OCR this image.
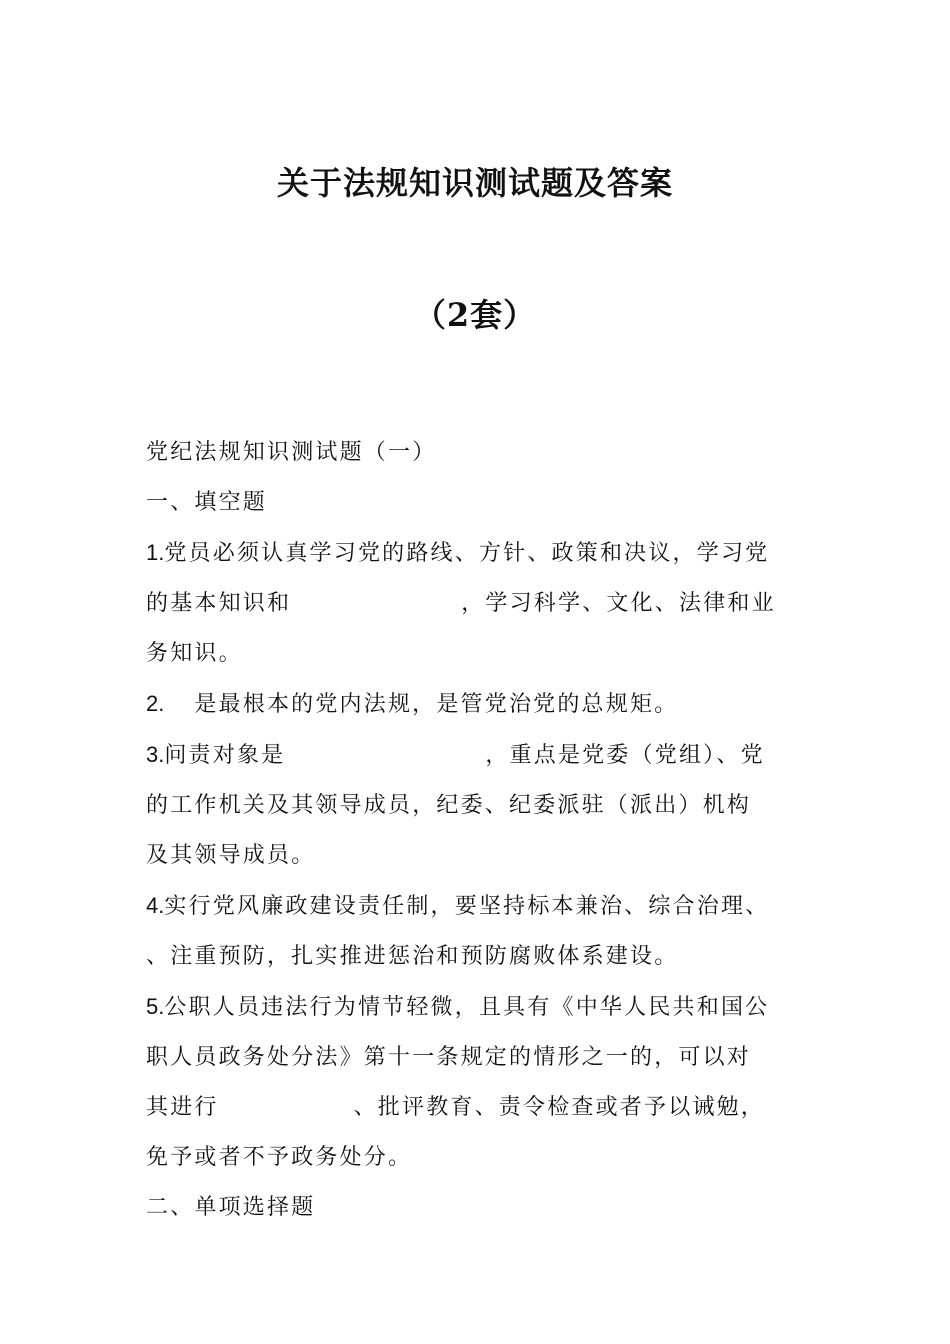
关于法规知识测试题及答案
（2套）

党纪法规知识测试题（一）

一、填空题

1.党员必须认真学习党的路线、方针、政策和决议，学习党

的基本知识和	，学习科学、文化、法律和业

务知识。

2. 是最根本的党内法规，是管党治党的总规矩。

3.问责对象是	，重点是党委（党组）、党

的工作机关及其领导成员，纪委、纪委派驻（派出）机构

及其领导成员。

4.实行党风廉政建设责任制，要坚持标本兼治、综合治理、

、注重预防，扎实推进惩治和预防腐败体系建设。

5.公职人员违法行为情节轻微，且具有《中华人民共和国公

职人员政务处分法》第十一条规定的情形之一的，可以对

其进行	、批评教育、责令检查或者予以诫勉，

免予或者不予政务处分。

二、单项选择题
